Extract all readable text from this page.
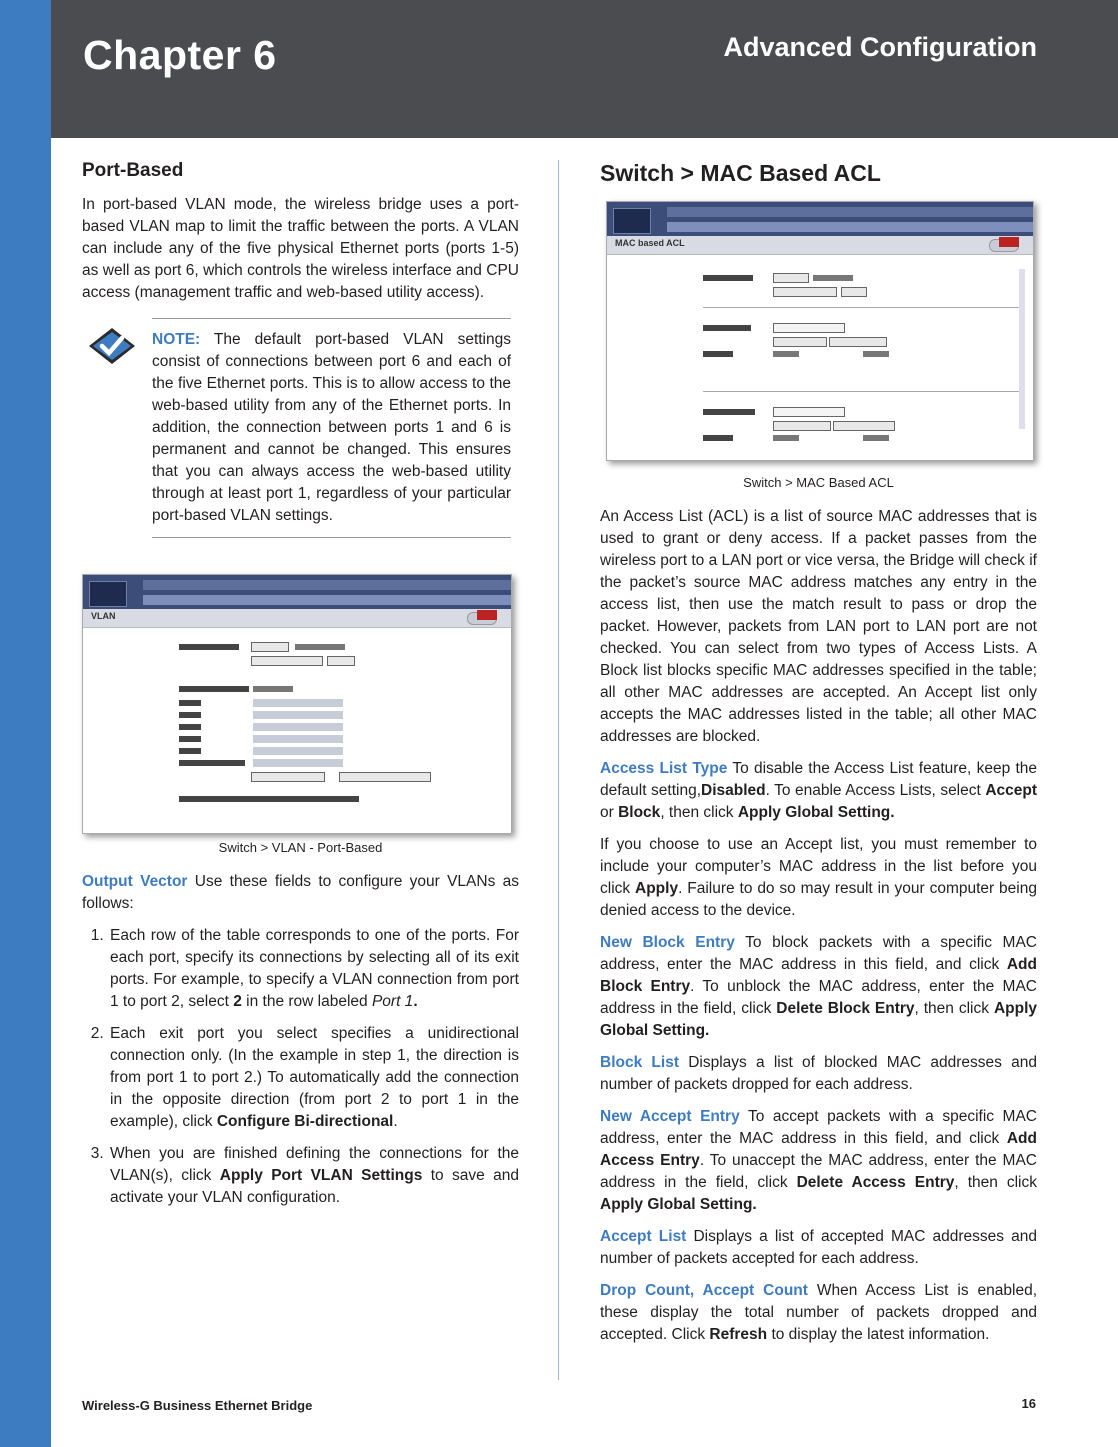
Chapter 6	Advanced Configuration
Port-Based

In port-based VLAN mode, the wireless bridge uses a port-based VLAN map to limit the traffic between the ports. A VLAN can include any of the five physical Ethernet ports (ports 1-5) as well as port 6, which controls the wireless interface and CPU access (management traffic and web-based utility access).

NOTE: The default port-based VLAN settings consist of connections between port 6 and each of the five Ethernet ports. This is to allow access to the web-based utility from any of the Ethernet ports. In addition, the connection between ports 1 and 6 is permanent and cannot be changed. This ensures that you can always access the web-based utility through at least port 1, regardless of your particular port-based VLAN settings.

VLAN
Switch > VLAN - Port-Based

Output Vector Use these fields to configure your VLANs as follows:

1. Each row of the table corresponds to one of the ports. For each port, specify its connections by selecting all of its exit ports. For example, to specify a VLAN connection from port 1 to port 2, select 2 in the row labeled Port 1.
2. Each exit port you select specifies a unidirectional connection only. (In the example in step 1, the direction is from port 1 to port 2.) To automatically add the connection in the opposite direction (from port 2 to port 1 in the example), click Configure Bi-directional.
3. When you are finished defining the connections for the VLAN(s), click Apply Port VLAN Settings to save and activate your VLAN configuration.
Switch > MAC Based ACL
MAC based ACL
Switch > MAC Based ACL

An Access List (ACL) is a list of source MAC addresses that is used to grant or deny access. If a packet passes from the wireless port to a LAN port or vice versa, the Bridge will check if the packet’s source MAC address matches any entry in the access list, then use the match result to pass or drop the packet. However, packets from LAN port to LAN port are not checked. You can select from two types of Access Lists. A Block list blocks specific MAC addresses specified in the table; all other MAC addresses are accepted. An Accept list only accepts the MAC addresses listed in the table; all other MAC addresses are blocked.

Access List Type To disable the Access List feature, keep the default setting,Disabled. To enable Access Lists, select Accept or Block, then click Apply Global Setting.

If you choose to use an Accept list, you must remember to include your computer’s MAC address in the list before you click Apply. Failure to do so may result in your computer being denied access to the device.

New Block Entry To block packets with a specific MAC address, enter the MAC address in this field, and click Add Block Entry. To unblock the MAC address, enter the MAC address in the field, click Delete Block Entry, then click Apply Global Setting.

Block List Displays a list of blocked MAC addresses and number of packets dropped for each address.

New Accept Entry To accept packets with a specific MAC address, enter the MAC address in this field, and click Add Access Entry. To unaccept the MAC address, enter the MAC address in the field, click Delete Access Entry, then click Apply Global Setting.

Accept List Displays a list of accepted MAC addresses and number of packets accepted for each address.

Drop Count, Accept Count When Access List is enabled, these display the total number of packets dropped and accepted. Click Refresh to display the latest information.

Wireless-G Business Ethernet Bridge	16
